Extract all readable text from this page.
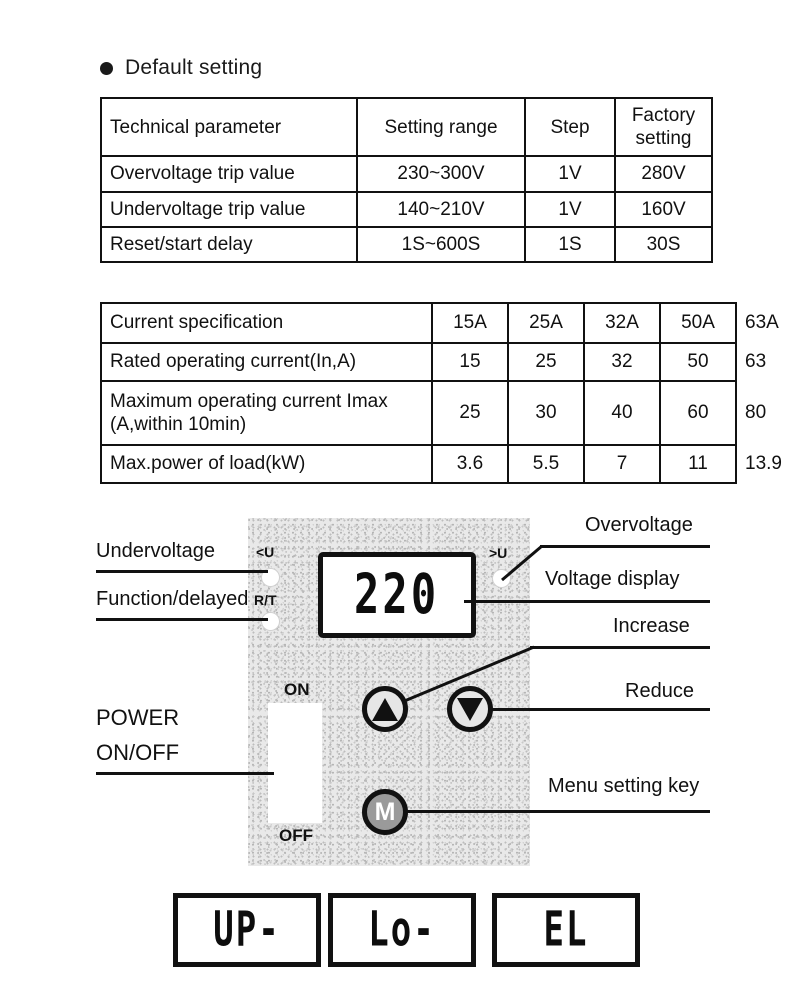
Default setting
Technical parameter	Setting range	Step	Factory setting
Overvoltage trip value	230~300V	1V	280V
Undervoltage trip value	140~210V	1V	160V
Reset/start delay	1S~600S	1S	30S
Current specification	15A	25A	32A	50A	63A
Rated operating current(In,A)	15	25	32	50	63
Maximum operating current Imax
(A,within 10min)	25	30	40	60	80
Max.power of load(kW)	3.6	5.5	7	11	13.9
<U
R/T
>U
220
ON
OFF
M
Undervoltage
Function/delayed
POWER
ON/OFF
Overvoltage
Voltage display
Increase
Reduce
Menu setting key
UP-	Lo-	EL
